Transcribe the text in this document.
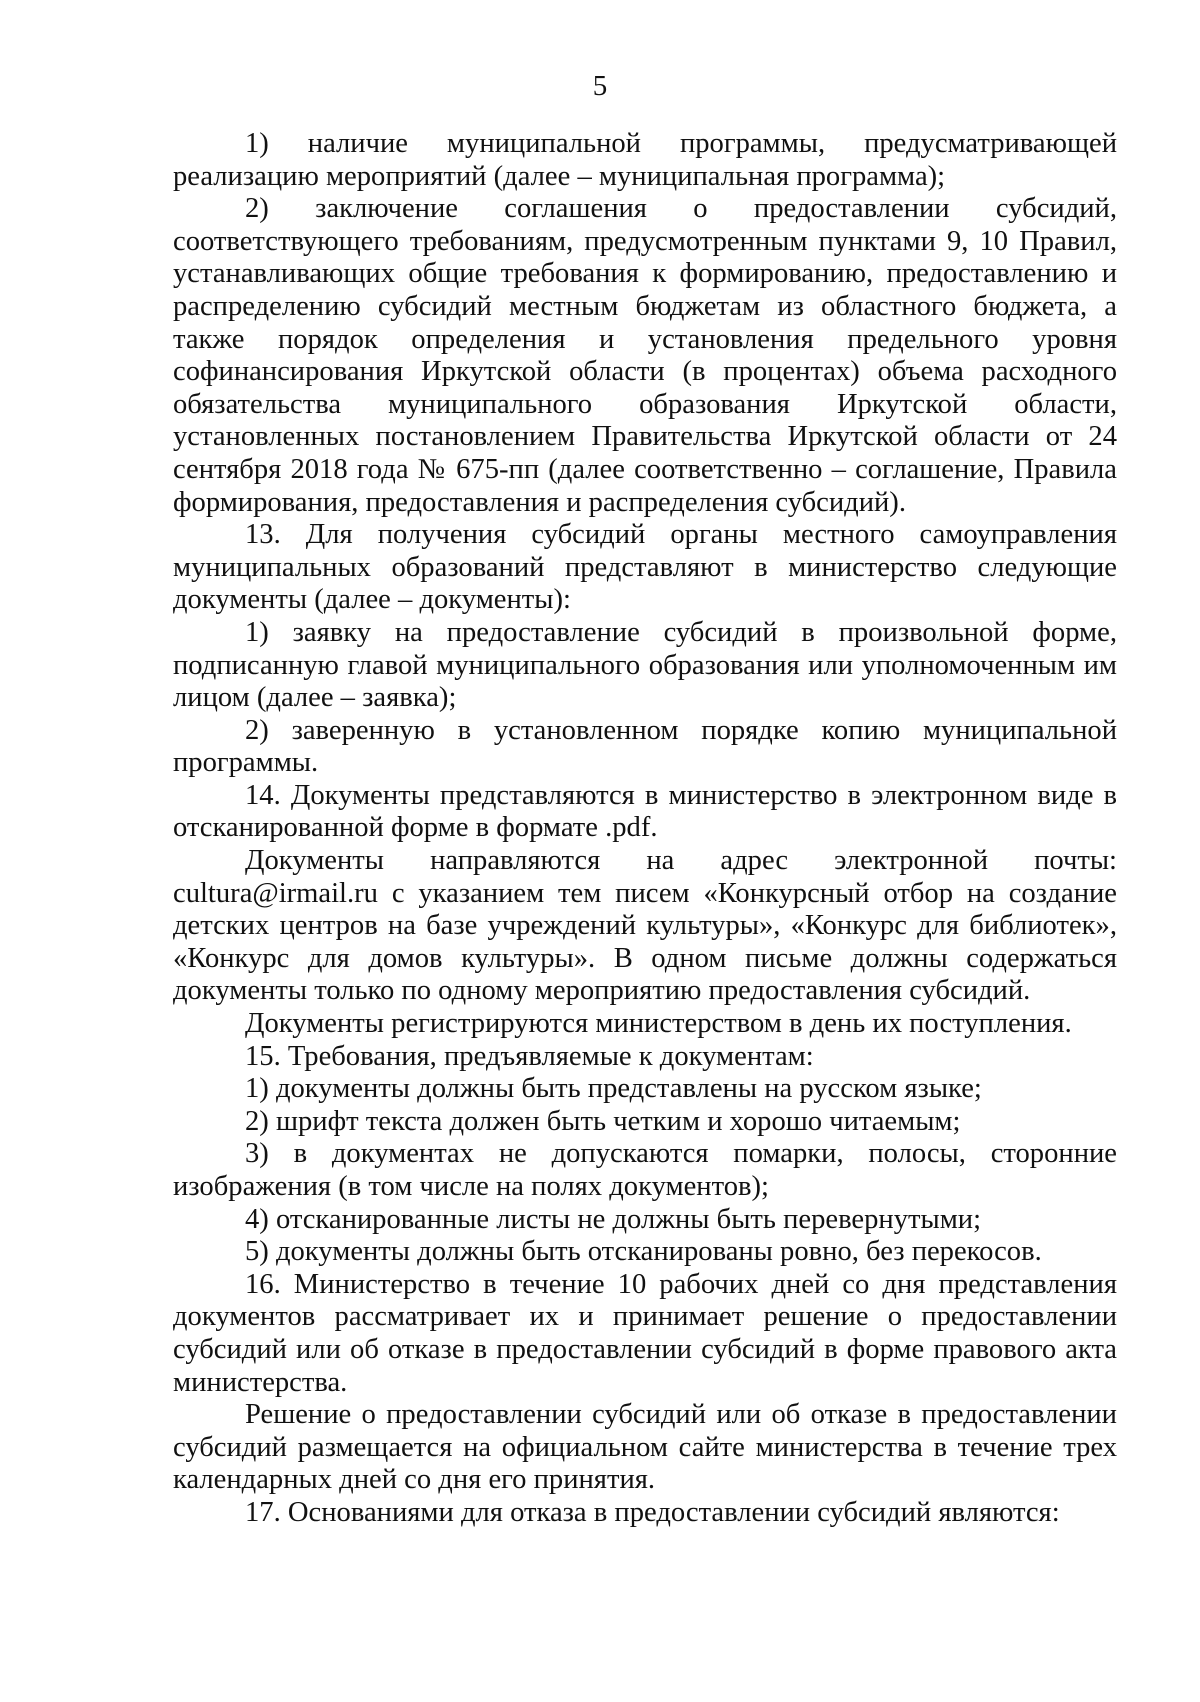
5

1) наличие муниципальной программы, предусматривающей реализацию мероприятий (далее – муниципальная программа);

2) заключение соглашения о предоставлении субсидий, соответствующего требованиям, предусмотренным пунктами 9, 10 Правил, устанавливающих общие требования к формированию, предоставлению и распределению субсидий местным бюджетам из областного бюджета, а также порядок определения и установления предельного уровня софинансирования Иркутской области (в процентах) объема расходного обязательства муниципального образования Иркутской области, установленных постановлением Правительства Иркутской области от 24 сентября 2018 года № 675-пп (далее соответственно – соглашение, Правила формирования, предоставления и распределения субсидий).

13. Для получения субсидий органы местного самоуправления муниципальных образований представляют в министерство следующие документы (далее – документы):

1) заявку на предоставление субсидий в произвольной форме, подписанную главой муниципального образования или уполномоченным им лицом (далее – заявка);

2) заверенную в установленном порядке копию муниципальной программы.

14. Документы представляются в министерство в электронном виде в отсканированной форме в формате .pdf.

Документы направляются на адрес электронной почты: cultura@irmail.ru с указанием тем писем «Конкурсный отбор на создание детских центров на базе учреждений культуры», «Конкурс для библиотек», «Конкурс для домов культуры». В одном письме должны содержаться документы только по одному мероприятию предоставления субсидий.

Документы регистрируются министерством в день их поступления.

15. Требования, предъявляемые к документам:

1) документы должны быть представлены на русском языке;

2) шрифт текста должен быть четким и хорошо читаемым;

3) в документах не допускаются помарки, полосы, сторонние изображения (в том числе на полях документов);

4) отсканированные листы не должны быть перевернутыми;

5) документы должны быть отсканированы ровно, без перекосов.

16. Министерство в течение 10 рабочих дней со дня представления документов рассматривает их и принимает решение о предоставлении субсидий или об отказе в предоставлении субсидий в форме правового акта министерства.

Решение о предоставлении субсидий или об отказе в предоставлении субсидий размещается на официальном сайте министерства в течение трех календарных дней со дня его принятия.

17. Основаниями для отказа в предоставлении субсидий являются:
